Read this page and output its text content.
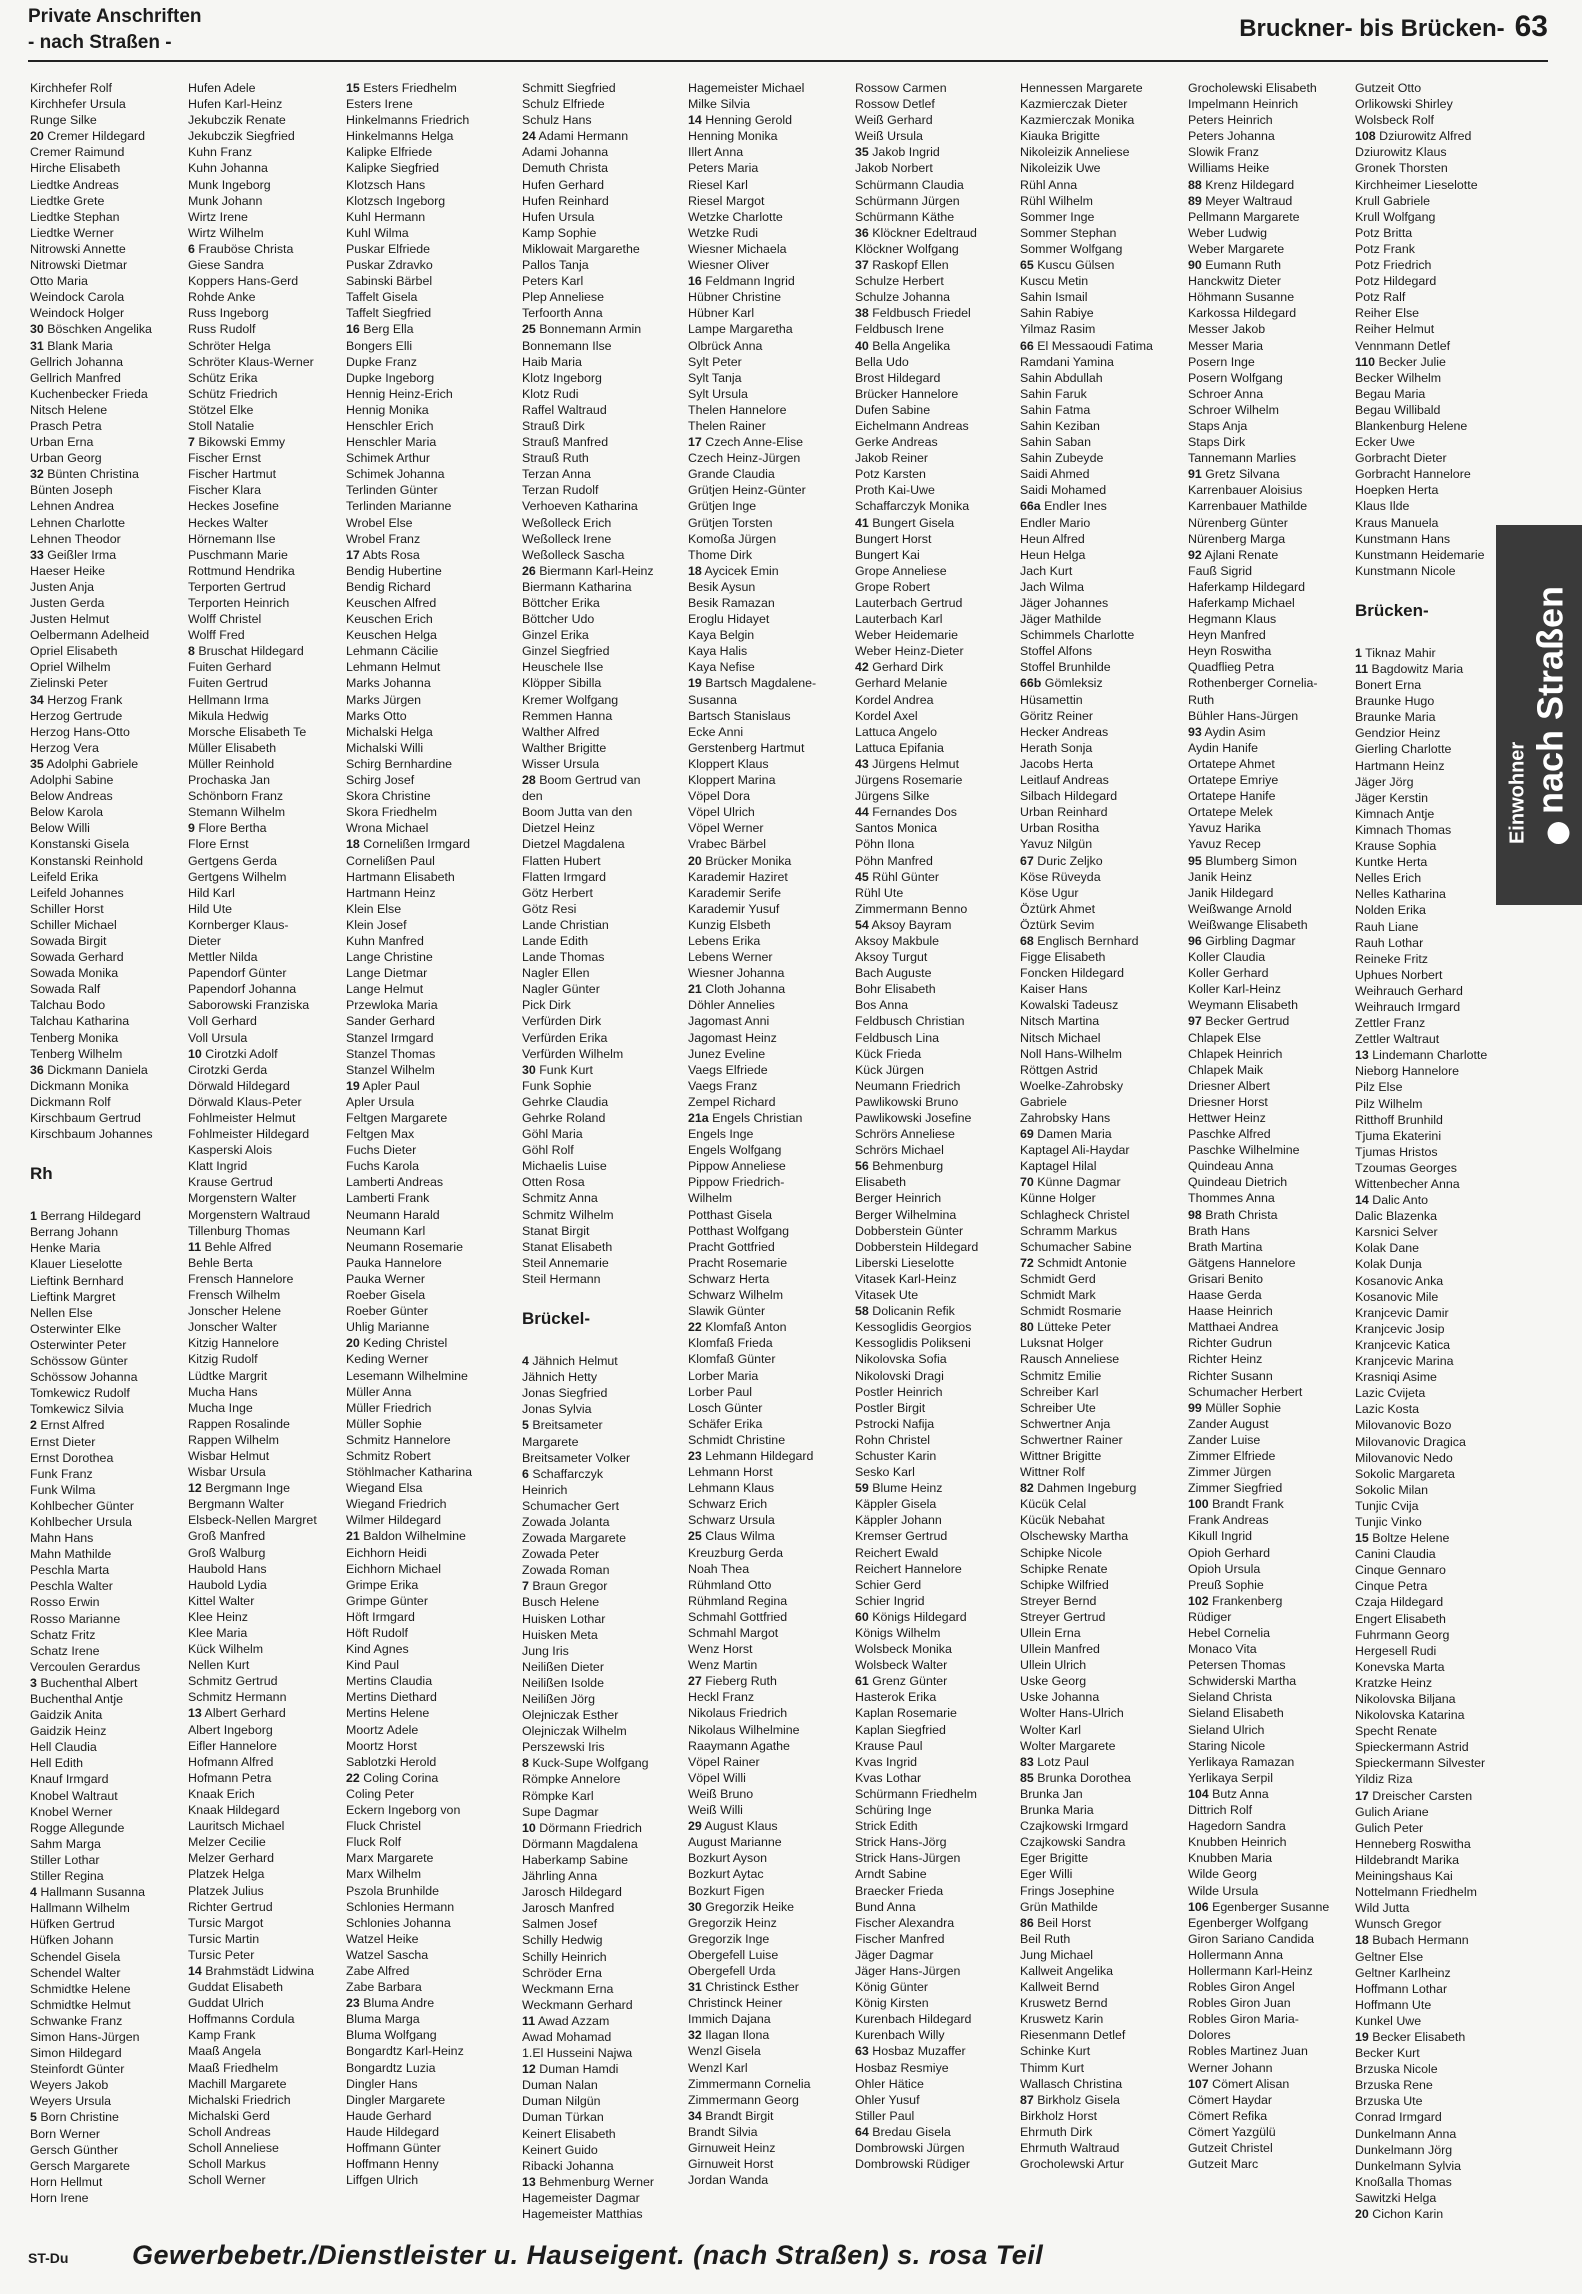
Private Anschriften
- nach Straßen -
Bruckner- bis Brücken- 63
Kirchhefer Rolf
Kirchhefer Ursula
Runge Silke
20 Cremer Hildegard
Cremer Raimund
Hirche Elisabeth
Liedtke Andreas
Liedtke Grete
Liedtke Stephan
Liedtke Werner
Nitrowski Annette
Nitrowski Dietmar
Otto Maria
Weindock Carola
Weindock Holger
30 Böschken Angelika
31 Blank Maria
Gellrich Johanna
Gellrich Manfred
Kuchenbecker Frieda
Nitsch Helene
Prasch Petra
Urban Erna
Urban Georg
32 Bünten Christina
Bünten Joseph
Lehnen Andrea
Lehnen Charlotte
Lehnen Theodor
33 Geißler Irma
Haeser Heike
Justen Anja
Justen Gerda
Justen Helmut
Oelbermann Adelheid
Opriel Elisabeth
Opriel Wilhelm
Zielinski Peter
34 Herzog Frank
Herzog Gertrude
Herzog Hans-Otto
Herzog Vera
35 Adolphi Gabriele
Adolphi Sabine
Below Andreas
Below Karola
Below Willi
Konstanski Gisela
Konstanski Reinhold
Leifeld Erika
Leifeld Johannes
Schiller Horst
Schiller Michael
Sowada Birgit
Sowada Gerhard
Sowada Monika
Sowada Ralf
Talchau Bodo
Talchau Katharina
Tenberg Monika
Tenberg Wilhelm
36 Dickmann Daniela
Dickmann Monika
Dickmann Rolf
Kirschbaum Gertrud
Kirschbaum Johannes
Rh
1 Berrang Hildegard
Berrang Johann
Henke Maria
Klauer Lieselotte
Lieftink Bernhard
Lieftink Margret
Nellen Else
Osterwinter Elke
Osterwinter Peter
Schössow Günter
Schössow Johanna
Tomkewicz Rudolf
Tomkewicz Silvia
2 Ernst Alfred
Ernst Dieter
Ernst Dorothea
Funk Franz
Funk Wilma
Kohlbecher Günter
Kohlbecher Ursula
Mahn Hans
Mahn Mathilde
Peschla Marta
Peschla Walter
Rosso Erwin
Rosso Marianne
Schatz Fritz
Schatz Irene
Vercoulen Gerardus
3 Buchenthal Albert
Buchenthal Antje
Gaidzik Anita
Gaidzik Heinz
Hell Claudia
Hell Edith
Knauf Irmgard
Knobel Waltraut
Knobel Werner
Rogge Allegunde
Sahm Marga
Stiller Lothar
Stiller Regina
4 Hallmann Susanna
Hallmann Wilhelm
Hüfken Gertrud
Hüfken Johann
Schendel Gisela
Schendel Walter
Schmidtke Helene
Schmidtke Helmut
Schwanke Franz
Simon Hans-Jürgen
Simon Hildegard
Steinfordt Günter
Weyers Jakob
Weyers Ursula
5 Born Christine
Born Werner
Gersch Günther
Gersch Margarete
Horn Hellmut
Horn Irene
Hufen Adele
Hufen Karl-Heinz
Jekubczik Renate
Jekubczik Siegfried
Kuhn Franz
Kuhn Johanna
Munk Ingeborg
Munk Johann
Wirtz Irene
Wirtz Wilhelm
6 Frauböse Christa
Giese Sandra
Koppers Hans-Gerd
Rohde Anke
Russ Ingeborg
Russ Rudolf
Schröter Helga
Schröter Klaus-Werner
Schütz Erika
Schütz Friedrich
Stötzel Elke
Stoll Natalie
7 Bikowski Emmy
Fischer Ernst
Fischer Hartmut
Fischer Klara
Heckes Josefine
Heckes Walter
Hörnemann Ilse
Puschmann Marie
Rottmund Hendrika
Terporten Gertrud
Terporten Heinrich
Wolff Christel
Wolff Fred
8 Bruschat Hildegard
Fuiten Gerhard
Fuiten Gertrud
Hellmann Irma
Mikula Hedwig
Morsche Elisabeth Te
Müller Elisabeth
Müller Reinhold
Prochaska Jan
Schönborn Franz
Stemann Wilhelm
9 Flore Bertha
Flore Ernst
Gertgens Gerda
Gertgens Wilhelm
Hild Karl
Hild Ute
Kornberger Klaus-
Dieter
Mettler Nilda
Papendorf Günter
Papendorf Johanna
Saborowski Franziska
Voll Gerhard
Voll Ursula
10 Cirotzki Adolf
Cirotzki Gerda
Dörwald Hildegard
Dörwald Klaus-Peter
Fohlmeister Helmut
Fohlmeister Hildegard
Kasperski Alois
Klatt Ingrid
Krause Gertrud
Morgenstern Walter
Morgenstern Waltraud
Tillenburg Thomas
11 Behle Alfred
Behle Berta
Frensch Hannelore
Frensch Wilhelm
Jonscher Helene
Jonscher Walter
Kitzig Hannelore
Kitzig Rudolf
Lüdtke Margrit
Mucha Hans
Mucha Inge
Rappen Rosalinde
Rappen Wilhelm
Wisbar Helmut
Wisbar Ursula
12 Bergmann Inge
Bergmann Walter
Elsbeck-Nellen Margret
Groß Manfred
Groß Walburg
Haubold Hans
Haubold Lydia
Kittel Walter
Klee Heinz
Klee Maria
Kück Wilhelm
Nellen Kurt
Schmitz Gertrud
Schmitz Hermann
13 Albert Gerhard
Albert Ingeborg
Eifler Hannelore
Hofmann Alfred
Hofmann Petra
Knaak Erich
Knaak Hildegard
Lauritsch Michael
Melzer Cecilie
Melzer Gerhard
Platzek Helga
Platzek Julius
Richter Gertrud
Tursic Margot
Tursic Martin
Tursic Peter
14 Brahmstädt Lidwina
Guddat Elisabeth
Guddat Ulrich
Hoffmanns Cordula
Kamp Frank
Maaß Angela
Maaß Friedhelm
Machill Margarete
Michalski Friedrich
Michalski Gerd
Scholl Andreas
Scholl Anneliese
Scholl Markus
Scholl Werner
15 Esters Friedhelm
Esters Irene
Hinkelmanns Friedrich
Hinkelmanns Helga
Kalipke Elfriede
Kalipke Siegfried
Klotzsch Hans
Klotzsch Ingeborg
Kuhl Hermann
Kuhl Wilma
Puskar Elfriede
Puskar Zdravko
Sabinski Bärbel
Taffelt Gisela
Taffelt Siegfried
16 Berg Ella
Bongers Elli
Dupke Franz
Dupke Ingeborg
Hennig Heinz-Erich
Hennig Monika
Henschler Erich
Henschler Maria
Schimek Arthur
Schimek Johanna
Terlinden Günter
Terlinden Marianne
Wrobel Else
Wrobel Franz
17 Abts Rosa
Bendig Hubertine
Bendig Richard
Keuschen Alfred
Keuschen Erich
Keuschen Helga
Lehmann Cäcilie
Lehmann Helmut
Marks Johanna
Marks Jürgen
Marks Otto
Michalski Helga
Michalski Willi
Schirg Bernhardine
Schirg Josef
Skora Christine
Skora Friedhelm
Wrona Michael
18 Cornelißen Irmgard
Cornelißen Paul
Hartmann Elisabeth
Hartmann Heinz
Klein Else
Klein Josef
Kuhn Manfred
Lange Christine
Lange Dietmar
Lange Helmut
Przewloka Maria
Sander Gerhard
Stanzel Irmgard
Stanzel Thomas
Stanzel Wilhelm
19 Apler Paul
Apler Ursula
Feltgen Margarete
Feltgen Max
Fuchs Dieter
Fuchs Karola
Lamberti Andreas
Lamberti Frank
Neumann Harald
Neumann Karl
Neumann Rosemarie
Pauka Hannelore
Pauka Werner
Roeber Gisela
Roeber Günter
Uhlig Marianne
20 Keding Christel
Keding Werner
Lesemann Wilhelmine
Müller Anna
Müller Friedrich
Müller Sophie
Schmitz Hannelore
Schmitz Robert
Stöhlmacher Katharina
Wiegand Elsa
Wiegand Friedrich
Wilmer Hildegard
21 Baldon Wilhelmine
Eichhorn Heidi
Eichhorn Michael
Grimpe Erika
Grimpe Günter
Höft Irmgard
Höft Rudolf
Kind Agnes
Kind Paul
Mertins Claudia
Mertins Diethard
Mertins Helene
Moortz Adele
Moortz Horst
Sablotzki Herold
22 Coling Corina
Coling Peter
Eckern Ingeborg von
Fluck Christel
Fluck Rolf
Marx Margarete
Marx Wilhelm
Pszola Brunhilde
Schlonies Hermann
Schlonies Johanna
Watzel Heike
Watzel Sascha
Zabe Alfred
Zabe Barbara
23 Bluma Andre
Bluma Marga
Bluma Wolfgang
Bongardtz Karl-Heinz
Bongardtz Luzia
Dingler Hans
Dingler Margarete
Haude Gerhard
Haude Hildegard
Hoffmann Günter
Hoffmann Henny
Liffgen Ulrich
Schmitt Siegfried
Schulz Elfriede
Schulz Hans
24 Adami Hermann
Adami Johanna
Demuth Christa
Hufen Gerhard
Hufen Reinhard
Hufen Ursula
Kamp Sophie
Miklowait Margarethe
Pallos Tanja
Peters Karl
Plep Anneliese
Terfoorth Anna
25 Bonnemann Armin
Bonnemann Ilse
Haib Maria
Klotz Ingeborg
Klotz Rudi
Raffel Waltraud
Strauß Dirk
Strauß Manfred
Strauß Ruth
Terzan Anna
Terzan Rudolf
Verhoeven Katharina
Weßolleck Erich
Weßolleck Irene
Weßolleck Sascha
26 Biermann Karl-Heinz
Biermann Katharina
Böttcher Erika
Böttcher Udo
Ginzel Erika
Ginzel Siegfried
Heuschele Ilse
Klöpper Sibilla
Kremer Wolfgang
Remmen Hanna
Walther Alfred
Walther Brigitte
Wisser Ursula
28 Boom Gertrud van
den
Boom Jutta van den
Dietzel Heinz
Dietzel Magdalena
Flatten Hubert
Flatten Irmgard
Götz Herbert
Götz Resi
Lande Christian
Lande Edith
Lande Thomas
Nagler Ellen
Nagler Günter
Pick Dirk
Verfürden Dirk
Verfürden Erika
Verfürden Wilhelm
30 Funk Kurt
Funk Sophie
Gehrke Claudia
Gehrke Roland
Göhl Maria
Göhl Rolf
Michaelis Luise
Otten Rosa
Schmitz Anna
Schmitz Wilhelm
Stanat Birgit
Stanat Elisabeth
Steil Annemarie
Steil Hermann
Brückel-
4 Jähnich Helmut
Jähnich Hetty
Jonas Siegfried
Jonas Sylvia
5 Breitsameter
Margarete
Breitsameter Volker
6 Schaffarczyk
Heinrich
Schumacher Gert
Zowada Jolanta
Zowada Margarete
Zowada Peter
Zowada Roman
7 Braun Gregor
Busch Helene
Huisken Lothar
Huisken Meta
Jung Iris
Neilißen Dieter
Neilißen Isolde
Neilißen Jörg
Olejniczak Esther
Olejniczak Wilhelm
Perszewski Iris
8 Kuck-Supe Wolfgang
Römpke Annelore
Römpke Karl
Supe Dagmar
10 Dörmann Friedrich
Dörmann Magdalena
Haberkamp Sabine
Jährling Anna
Jarosch Hildegard
Jarosch Manfred
Salmen Josef
Schilly Hedwig
Schilly Heinrich
Schröder Erna
Weckmann Erna
Weckmann Gerhard
11 Awad Azzam
Awad Mohamad
1.El Husseini Najwa
12 Duman Hamdi
Duman Nalan
Duman Nilgün
Duman Türkan
Keinert Elisabeth
Keinert Guido
Ribacki Johanna
13 Behmenburg Werner
Hagemeister Dagmar
Hagemeister Matthias
Hagemeister Michael
Milke Silvia
14 Henning Gerold
Henning Monika
Illert Anna
Peters Maria
Riesel Karl
Riesel Margot
Wetzke Charlotte
Wetzke Rudi
Wiesner Michaela
Wiesner Oliver
16 Feldmann Ingrid
Hübner Christine
Hübner Karl
Lampe Margaretha
Olbrück Anna
Sylt Peter
Sylt Tanja
Sylt Ursula
Thelen Hannelore
Thelen Rainer
17 Czech Anne-Elise
Czech Heinz-Jürgen
Grande Claudia
Grütjen Heinz-Günter
Grütjen Inge
Grütjen Torsten
Komoßa Jürgen
Thome Dirk
18 Aycicek Emin
Besik Aysun
Besik Ramazan
Eroglu Hidayet
Kaya Belgin
Kaya Halis
Kaya Nefise
19 Bartsch Magdalene-
Susanna
Bartsch Stanislaus
Ecke Anni
Gerstenberg Hartmut
Kloppert Klaus
Kloppert Marina
Vöpel Dora
Vöpel Ulrich
Vöpel Werner
Vrabec Bärbel
20 Brücker Monika
Karademir Haziret
Karademir Serife
Karademir Yusuf
Kunzig Elsbeth
Lebens Erika
Lebens Werner
Wiesner Johanna
21 Cloth Johanna
Döhler Annelies
Jagomast Anni
Jagomast Heinz
Junez Eveline
Vaegs Elfriede
Vaegs Franz
Zempel Richard
21a Engels Christian
Engels Inge
Engels Wolfgang
Pippow Anneliese
Pippow Friedrich-
Wilhelm
Potthast Gisela
Potthast Wolfgang
Pracht Gottfried
Pracht Rosemarie
Schwarz Herta
Schwarz Wilhelm
Slawik Günter
22 Klomfaß Anton
Klomfaß Frieda
Klomfaß Günter
Lorber Maria
Lorber Paul
Losch Günter
Schäfer Erika
Schmidt Christine
23 Lehmann Hildegard
Lehmann Horst
Lehmann Klaus
Schwarz Erich
Schwarz Ursula
25 Claus Wilma
Kreuzburg Gerda
Noah Thea
Rühmland Otto
Rühmland Regina
Schmahl Gottfried
Schmahl Margot
Wenz Horst
Wenz Martin
27 Fieberg Ruth
Heckl Franz
Nikolaus Friedrich
Nikolaus Wilhelmine
Raaymann Agathe
Vöpel Rainer
Vöpel Willi
Weiß Bruno
Weiß Willi
29 August Klaus
August Marianne
Bozkurt Ayson
Bozkurt Aytac
Bozkurt Figen
30 Gregorzik Heike
Gregorzik Heinz
Gregorzik Inge
Obergefell Luise
Obergefell Urda
31 Christinck Esther
Christinck Heiner
Immich Dajana
32 Ilagan Ilona
Wenzl Gisela
Wenzl Karl
Zimmermann Cornelia
Zimmermann Georg
34 Brandt Birgit
Brandt Silvia
Girnuweit Heinz
Girnuweit Horst
Jordan Wanda
Rossow Carmen
Rossow Detlef
Weiß Gerhard
Weiß Ursula
35 Jakob Ingrid
Jakob Norbert
Schürmann Claudia
Schürmann Jürgen
Schürmann Käthe
36 Klöckner Edeltraud
Klöckner Wolfgang
37 Raskopf Ellen
Schulze Herbert
Schulze Johanna
38 Feldbusch Friedel
Feldbusch Irene
40 Bella Angelika
Bella Udo
Brost Hildegard
Brücker Hannelore
Dufen Sabine
Eichelmann Andreas
Gerke Andreas
Jakob Reiner
Potz Karsten
Proth Kai-Uwe
Schaffarczyk Monika
41 Bungert Gisela
Bungert Horst
Bungert Kai
Grope Anneliese
Grope Robert
Lauterbach Gertrud
Lauterbach Karl
Weber Heidemarie
Weber Heinz-Dieter
42 Gerhard Dirk
Gerhard Melanie
Kordel Andrea
Kordel Axel
Lattuca Angelo
Lattuca Epifania
43 Jürgens Helmut
Jürgens Rosemarie
Jürgens Silke
44 Fernandes Dos
Santos Monica
Pöhn Ilona
Pöhn Manfred
45 Rühl Günter
Rühl Ute
Zimmermann Benno
54 Aksoy Bayram
Aksoy Makbule
Aksoy Turgut
Bach Auguste
Bohr Elisabeth
Bos Anna
Feldbusch Christian
Feldbusch Lina
Kück Frieda
Kück Jürgen
Neumann Friedrich
Pawlikowski Bruno
Pawlikowski Josefine
Schrörs Anneliese
Schrörs Michael
56 Behmenburg
Elisabeth
Berger Heinrich
Berger Wilhelmina
Dobberstein Günter
Dobberstein Hildegard
Liberski Lieselotte
Vitasek Karl-Heinz
Vitasek Ute
58 Dolicanin Refik
Kessoglidis Georgios
Kessoglidis Polikseni
Nikolovska Sofia
Nikolovski Dragi
Postler Heinrich
Postler Birgit
Pstrocki Nafija
Rohn Christel
Schuster Karin
Sesko Karl
59 Blume Heinz
Käppler Gisela
Käppler Johann
Kremser Gertrud
Reichert Ewald
Reichert Hannelore
Schier Gerd
Schier Ingrid
60 Königs Hildegard
Königs Wilhelm
Wolsbeck Monika
Wolsbeck Walter
61 Grenz Günter
Hasterok Erika
Kaplan Rosemarie
Kaplan Siegfried
Krause Paul
Kvas Ingrid
Kvas Lothar
Schürmann Friedhelm
Schüring Inge
Strick Edith
Strick Hans-Jörg
Strick Hans-Jürgen
Arndt Sabine
Braecker Frieda
Bund Anna
Fischer Alexandra
Fischer Manfred
Jäger Dagmar
Jäger Hans-Jürgen
König Günter
König Kirsten
Kurenbach Hildegard
Kurenbach Willy
63 Hosbaz Muzaffer
Hosbaz Resmiye
Ohler Hätice
Ohler Yusuf
Stiller Paul
64 Bredau Gisela
Dombrowski Jürgen
Dombrowski Rüdiger
Hennessen Margarete
Kazmierczak Dieter
Kazmierczak Monika
Kiauka Brigitte
Nikoleizik Anneliese
Nikoleizik Uwe
Rühl Anna
Rühl Wilhelm
Sommer Inge
Sommer Stephan
Sommer Wolfgang
65 Kuscu Gülsen
Kuscu Metin
Sahin Ismail
Sahin Rabiye
Yilmaz Rasim
66 El Messaoudi Fatima
Ramdani Yamina
Sahin Abdullah
Sahin Faruk
Sahin Fatma
Sahin Keziban
Sahin Saban
Sahin Zubeyde
Saidi Ahmed
Saidi Mohamed
66a Endler Ines
Endler Mario
Heun Alfred
Heun Helga
Jach Kurt
Jach Wilma
Jäger Johannes
Jäger Mathilde
Schimmels Charlotte
Stoffel Alfons
Stoffel Brunhilde
66b Gömleksiz
Hüsamettin
Göritz Reiner
Hecker Andreas
Herath Sonja
Jacobs Herta
Leitlauf Andreas
Silbach Hildegard
Urban Reinhard
Urban Rositha
Yavuz Nilgün
67 Duric Zeljko
Köse Rüveyda
Köse Ugur
Öztürk Ahmet
Öztürk Sevim
68 Englisch Bernhard
Figge Elisabeth
Foncken Hildegard
Kaiser Hans
Kowalski Tadeusz
Nitsch Martina
Nitsch Michael
Noll Hans-Wilhelm
Röttgen Astrid
Woelke-Zahrobsky
Gabriele
Zahrobsky Hans
69 Damen Maria
Kaptagel Ali-Haydar
Kaptagel Hilal
70 Künne Dagmar
Künne Holger
Schlagheck Christel
Schramm Markus
Schumacher Sabine
72 Schmidt Antonie
Schmidt Gerd
Schmidt Mark
Schmidt Rosmarie
80 Lütteke Peter
Luksnat Holger
Rausch Anneliese
Schmitz Emilie
Schreiber Karl
Schreiber Ute
Schwertner Anja
Schwertner Rainer
Wittner Brigitte
Wittner Rolf
82 Dahmen Ingeburg
Kücük Celal
Kücük Nebahat
Olschewsky Martha
Schipke Nicole
Schipke Renate
Schipke Wilfried
Streyer Bernd
Streyer Gertrud
Ullein Erna
Ullein Manfred
Ullein Ulrich
Uske Georg
Uske Johanna
Wolter Hans-Ulrich
Wolter Karl
Wolter Margarete
83 Lotz Paul
85 Brunka Dorothea
Brunka Jan
Brunka Maria
Czajkowski Irmgard
Czajkowski Sandra
Eger Brigitte
Eger Willi
Frings Josephine
Grün Mathilde
86 Beil Horst
Beil Ruth
Jung Michael
Kallweit Angelika
Kallweit Bernd
Kruswetz Bernd
Kruswetz Karin
Riesenmann Detlef
Schinke Kurt
Thimm Kurt
Wallasch Christina
87 Birkholz Gisela
Birkholz Horst
Ehrmuth Dirk
Ehrmuth Waltraud
Grocholewski Artur
Grocholewski Elisabeth
Impelmann Heinrich
Peters Heinrich
Peters Johanna
Slowik Franz
Williams Heike
88 Krenz Hildegard
89 Meyer Waltraud
Pellmann Margarete
Weber Ludwig
Weber Margarete
90 Eumann Ruth
Hanckwitz Dieter
Höhmann Susanne
Karkossa Hildegard
Messer Jakob
Messer Maria
Posern Inge
Posern Wolfgang
Schroer Anna
Schroer Wilhelm
Staps Anja
Staps Dirk
Tannemann Marlies
91 Gretz Silvana
Karrenbauer Aloisius
Karrenbauer Mathilde
Nürenberg Günter
Nürenberg Marga
92 Ajlani Renate
Fauß Sigrid
Haferkamp Hildegard
Haferkamp Michael
Hegmann Klaus
Heyn Manfred
Heyn Roswitha
Quadflieg Petra
Rothenberger Cornelia-
Ruth
Bühler Hans-Jürgen
93 Aydin Asim
Aydin Hanife
Ortatepe Ahmet
Ortatepe Emriye
Ortatepe Hanife
Ortatepe Melek
Yavuz Harika
Yavuz Recep
95 Blumberg Simon
Janik Heinz
Janik Hildegard
Weißwange Arnold
Weißwange Elisabeth
96 Girbling Dagmar
Koller Claudia
Koller Gerhard
Koller Karl-Heinz
Weymann Elisabeth
97 Becker Gertrud
Chlapek Else
Chlapek Heinrich
Chlapek Maik
Driesner Albert
Driesner Horst
Hettwer Heinz
Paschke Alfred
Paschke Wilhelmine
Quindeau Anna
Quindeau Dietrich
Thommes Anna
98 Brath Christa
Brath Hans
Brath Martina
Gätgens Hannelore
Grisari Benito
Haase Gerda
Haase Heinrich
Matthaei Andrea
Richter Gudrun
Richter Heinz
Richter Susann
Schumacher Herbert
99 Müller Sophie
Zander August
Zander Luise
Zimmer Elfriede
Zimmer Jürgen
Zimmer Siegfried
100 Brandt Frank
Frank Andreas
Kikull Ingrid
Opioh Gerhard
Opioh Ursula
Preuß Sophie
102 Frankenberg
Rüdiger
Hebel Cornelia
Monaco Vita
Petersen Thomas
Schwiderski Martha
Sieland Christa
Sieland Elisabeth
Sieland Ulrich
Staring Nicole
Yerlikaya Ramazan
Yerlikaya Serpil
104 Butz Anna
Dittrich Rolf
Hagedorn Sandra
Knubben Heinrich
Knubben Maria
Wilde Georg
Wilde Ursula
106 Egenberger Susanne
Egenberger Wolfgang
Giron Sariano Candida
Hollermann Anna
Hollermann Karl-Heinz
Robles Giron Angel
Robles Giron Juan
Robles Giron Maria-
Dolores
Robles Martinez Juan
Werner Johann
107 Cömert Alisan
Cömert Haydar
Cömert Refika
Cömert Yazgülü
Gutzeit Christel
Gutzeit Marc
Gutzeit Otto
Orlikowski Shirley
Wolsbeck Rolf
108 Dziurowitz Alfred
Dziurowitz Klaus
Gronek Thorsten
Kirchheimer Lieselotte
Krull Gabriele
Krull Wolfgang
Potz Britta
Potz Frank
Potz Friedrich
Potz Hildegard
Potz Ralf
Reiher Else
Reiher Helmut
Vennmann Detlef
110 Becker Julie
Becker Wilhelm
Begau Maria
Begau Willibald
Blankenburg Helene
Ecker Uwe
Gorbracht Dieter
Gorbracht Hannelore
Hoepken Herta
Klaus Ilde
Kraus Manuela
Kunstmann Hans
Kunstmann Heidemarie
Kunstmann Nicole
Brücken-
1 Tiknaz Mahir
11 Bagdowitz Maria
Bonert Erna
Braunke Hugo
Braunke Maria
Gendzior Heinz
Gierling Charlotte
Hartmann Heinz
Jäger Jörg
Jäger Kerstin
Kimnach Antje
Kimnach Thomas
Krause Sophia
Kuntke Herta
Nelles Erich
Nelles Katharina
Nolden Erika
Rauh Liane
Rauh Lothar
Reineke Fritz
Uphues Norbert
Weihrauch Gerhard
Weihrauch Irmgard
Zettler Franz
Zettler Waltraut
13 Lindemann Charlotte
Nieborg Hannelore
Pilz Else
Pilz Wilhelm
Ritthoff Brunhild
Tjuma Ekaterini
Tjumas Hristos
Tzoumas Georges
Wittenbecher Anna
14 Dalic Anto
Dalic Blazenka
Karsnici Selver
Kolak Dane
Kolak Dunja
Kosanovic Anka
Kosanovic Mile
Kranjcevic Damir
Kranjcevic Josip
Kranjcevic Katica
Kranjcevic Marina
Krasniqi Asime
Lazic Cvijeta
Lazic Kosta
Milovanovic Bozo
Milovanovic Dragica
Milovanovic Nedo
Sokolic Margareta
Sokolic Milan
Tunjic Cvija
Tunjic Vinko
15 Boltze Helene
Canini Claudia
Cinque Gennaro
Cinque Petra
Czaja Hildegard
Engert Elisabeth
Fuhrmann Georg
Hergesell Rudi
Konevska Marta
Kratzke Heinz
Nikolovska Biljana
Nikolovska Katarina
Specht Renate
Spieckermann Astrid
Spieckermann Silvester
Yildiz Riza
17 Dreischer Carsten
Gulich Ariane
Gulich Peter
Henneberg Roswitha
Hildebrandt Marika
Meiningshaus Kai
Nottelmann Friedhelm
Wild Jutta
Wunsch Gregor
18 Bubach Hermann
Geltner Else
Geltner Karlheinz
Hoffmann Lothar
Hoffmann Ute
Kunkel Uwe
19 Becker Elisabeth
Becker Kurt
Brzuska Nicole
Brzuska Rene
Brzuska Ute
Conrad Irmgard
Dunkelmann Anna
Dunkelmann Jörg
Dunkelmann Sylvia
Knoßalla Thomas
Sawitzki Helga
20 Cichon Karin
Einwohner
nach Straßen
ST-Du Gewerbebetr./Dienstleister u. Hauseigent. (nach Straßen) s. rosa Teil
